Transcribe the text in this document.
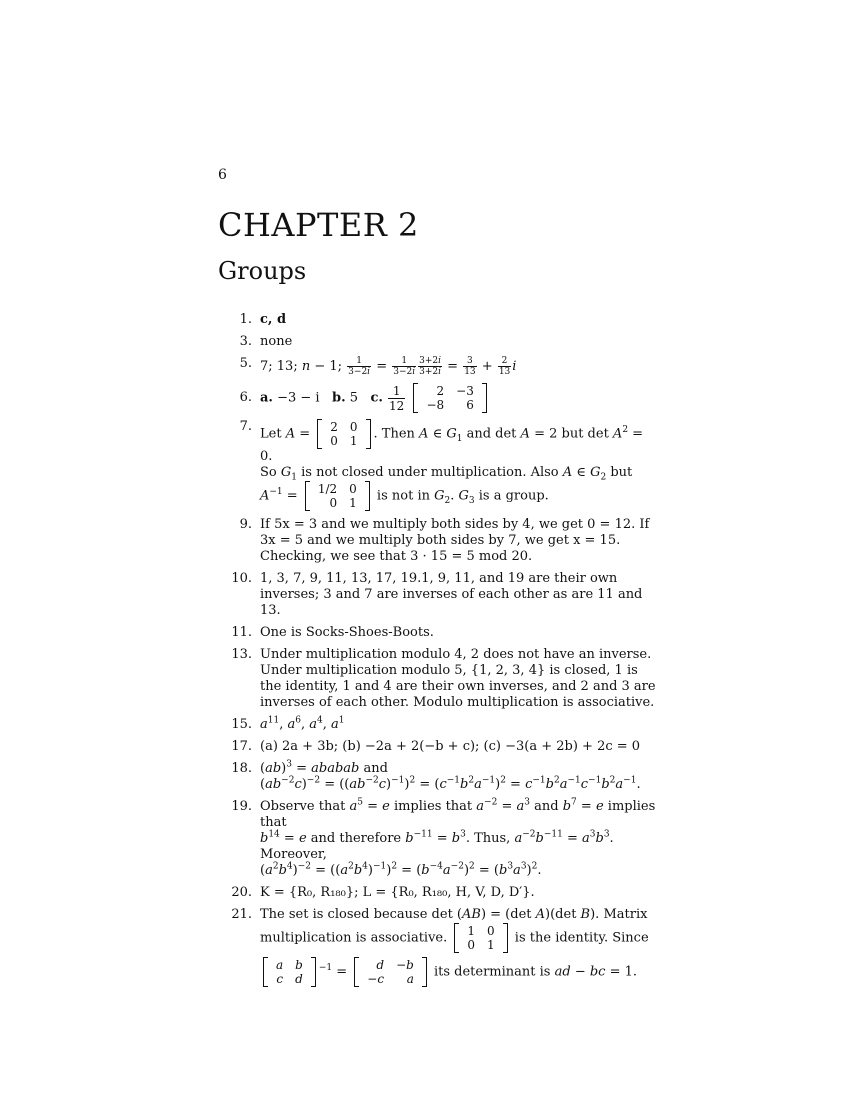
6
CHAPTER 2
Groups
1. c, d
3. none
5. 7; 13; n − 1; $\frac{1}{3-2i} = \frac{1}{3-2i} \frac{3+2i}{3+2i} = \frac{3}{13} + \frac{2}{13}$ i
6. a. −3 − i b. 5 c. $\frac{1}{12}$
	2	−3
−8	6
7. Let A = 2	0
0	1 . Then A ∈ $G_1$ and det A = 2 but $\det A^2 = 0$.
So $G_1$ is not closed under multiplication. Also A ∈ $G_2$ but
$A^{-1} = 1/2$	0
0	1 is not in $G_2$. $G_3$ is a group.
9. If 5x = 3 and we multiply both sides by 4, we get 0 = 12. If 3x = 5 and we multiply both sides by 7, we get x = 15. Checking, we see that 3 · 15 = 5 mod 20.
10. 1, 3, 7, 9, 11, 13, 17, 19.1, 9, 11, and 19 are their own inverses; 3 and 7 are inverses of each other as are 11 and 13.
11. One is Socks-Shoes-Boots.
13. Under multiplication modulo 4, 2 does not have an inverse. Under multiplication modulo 5, {1, 2, 3, 4} is closed, 1 is the identity, 1 and 4 are their own inverses, and 2 and 3 are inverses of each other. Modulo multiplication is associative.
15. $a^{11}$, $a^6$, $a^4$, $a^1$
17. (a) 2a + 3b; (b) −2a + 2(−b + c); (c) −3(a + 2b) + 2c = 0
18. (ab)$^3$ = ababab and
$(ab^{-2}c)^{-2} = ((ab^{-2}c)^{-1})^2 = (c^{-1}b^2a^{-1})^2 = c^{-1}b^2a^{-1}c^{-1}b^2a^{-1}$.
19. Observe that $a^5 = e$ implies that $a^{-2} = a^3$ and $b^7 = e$ implies that
$b^{14} = e$ and therefore $b^{-11} = b^3$. Thus, $a^{-2}b^{-11} = a^3b^3$. Moreover,
$(a^2b^4)^{-2} = ((a^2b^4)^{-1})^2 = (b^{-4}a^{-2})^2 = (b^3a^3)^2$.
20. K = {R₀, R₁₈₀}; L = {R₀, R₁₈₀, H, V, D, D′}.
21. The set is closed because det (AB) = (det A)(det B). Matrix
multiplication is associative. 1	0
0	1 is the identity. Since
a	b
c	d
$^{-1}$ = d	−b
−c	a its determinant is ad − bc = 1.
